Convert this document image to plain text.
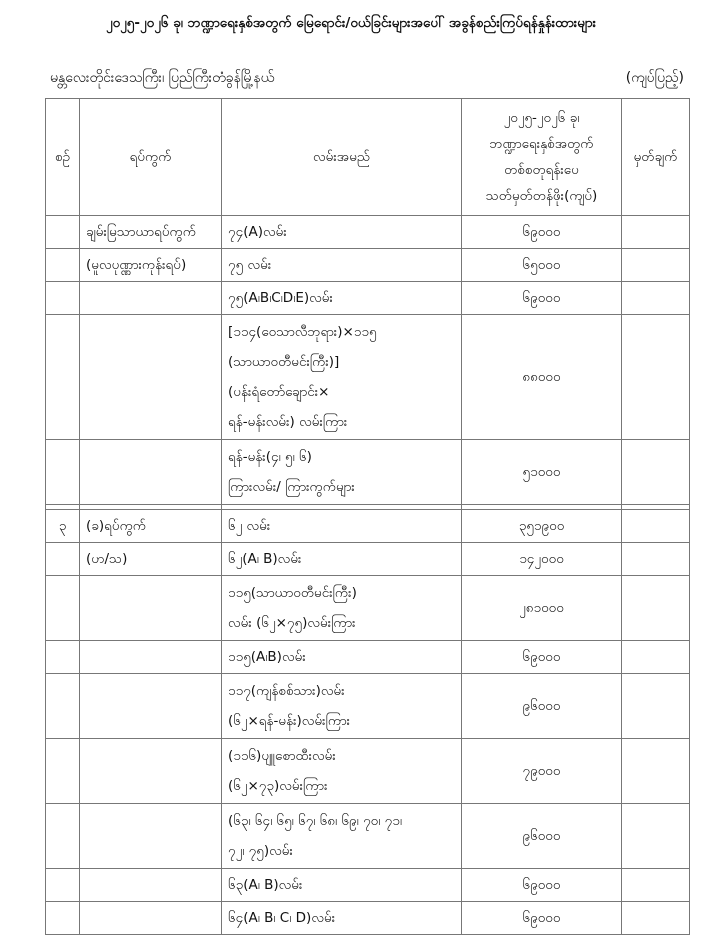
၂၀၂၅-၂၀၂၆ ခု၊ ဘဏ္ဍာရေးနှစ်အတွက် မြေရောင်း/ဝယ်ခြင်းများအပေါ် အခွန်စည်းကြပ်ရန်နှုန်းထားများ
မန္တလေးတိုင်းဒေသကြီး၊ ပြည်ကြီးတံခွန်မြို့နယ်	(ကျပ်ပြည့်)
စဉ်	ရပ်ကွက်	လမ်းအမည်	၂၀၂၅-၂၀၂၆ ခု၊
ဘဏ္ဍာရေးနှစ်အတွက်
တစ်စတုရန်းပေ
သတ်မှတ်တန်ဖိုး(ကျပ်)	မှတ်ချက်
	ချမ်းမြသာယာရပ်ကွက်	၇၄(A)လမ်း	၆၉၀၀၀	
	(မူလပုဏ္ဏားကုန်းရပ်)	၇၅ လမ်း	၆၅၀၀၀	
		၇၅(A၊B၊C၊D၊E)လမ်း	၆၉၀၀၀	

		[၁၁၄(ဝေသာလီဘုရား)×၁၁၅
(သာယာဝတီမင်းကြီး)]
(ပန်းရံတော်ချောင်း×
ရန်-မန်းလမ်း) လမ်းကြား	၈၈၀၀၀	

		ရန်-မန်း(၄၊ ၅၊ ၆)
ကြားလမ်း/ ကြားကွက်များ	၅၁၀၀၀	

၃	(ခ)ရပ်ကွက်	၆၂ လမ်း	၃၅၁၉၀၀	
	(ဟ/သ)	၆၂(A၊ B)လမ်း	၁၄၂၀၀၀	

		၁၁၅(သာယာဝတီမင်းကြီး)
လမ်း (၆၂×၇၅)လမ်းကြား	၂၈၁၀၀၀	
		၁၁၅(A၊B)လမ်း	၆၉၀၀၀	

		၁၁၇(ကျန်စစ်သား)လမ်း
(၆၂×ရန်-မန်း)လမ်းကြား	၉၆၀၀၀	

		(၁၁၆)ပျူစောထီးလမ်း
(၆၂×၇၃)လမ်းကြား	၇၉၀၀၀	

		(၆၃၊ ၆၄၊ ၆၅၊ ၆၇၊ ၆၈၊ ၆၉၊ ၇၀၊ ၇၁၊
၇၂၊ ၇၅)လမ်း	၉၆၀၀၀	
		၆၃(A၊ B)လမ်း	၆၉၀၀၀	
		၆၄(A၊ B၊ C၊ D)လမ်း	၆၉၀၀၀	
